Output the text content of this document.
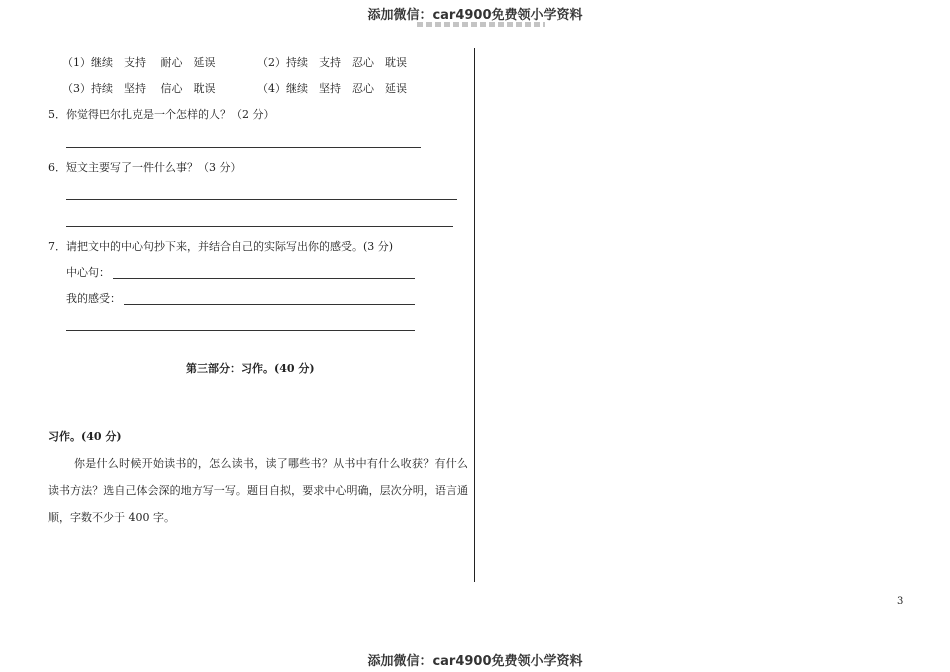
添加微信：car4900免费领小学资料
（1）继续　支持　 耐心　延误	（2）持续　支持　忍心　耽误
（3）持续　坚持　 信心　耽误	（4）继续　坚持　忍心　延误
5．你觉得巴尔扎克是一个怎样的人？（2 分）
6．短文主要写了一件什么事？（3 分）
7．请把文中的中心句抄下来，并结合自己的实际写出你的感受。(3 分)
中心句：
我的感受：
第三部分：习作。(40 分)
习作。(40 分)
你是什么时候开始读书的，怎么读书，读了哪些书？从书中有什么收获？有什么读书方法？选自己体会深的地方写一写。题目自拟，要求中心明确，层次分明，语言通顺，字数不少于 400 字。
3
添加微信：car4900免费领小学资料
